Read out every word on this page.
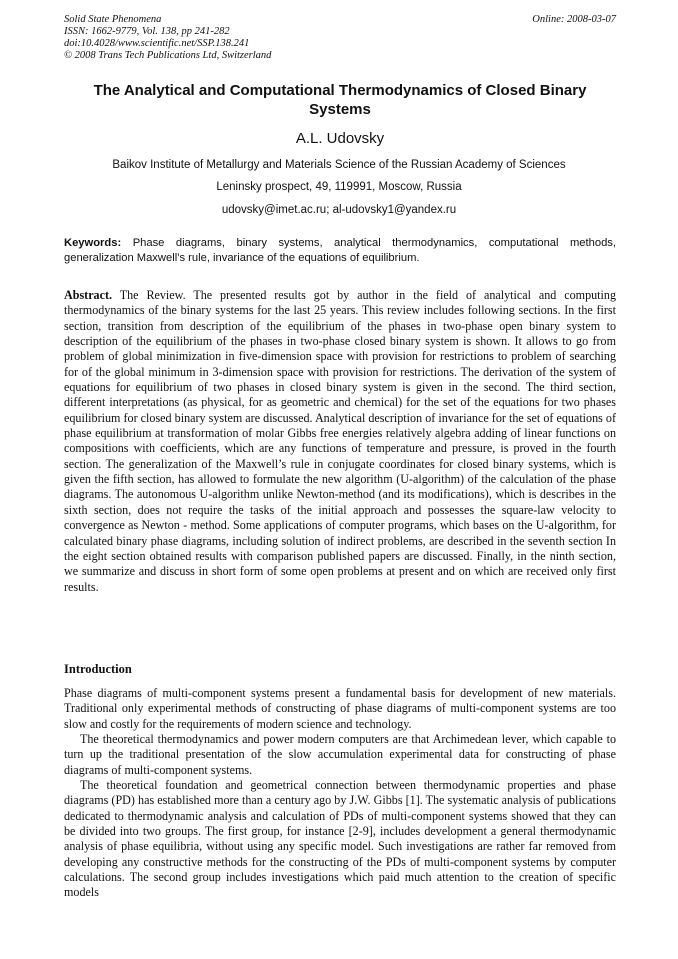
Solid State Phenomena
ISSN: 1662-9779, Vol. 138, pp 241-282
doi:10.4028/www.scientific.net/SSP.138.241
© 2008 Trans Tech Publications Ltd, Switzerland
Online: 2008-03-07
The Analytical and Computational Thermodynamics of Closed Binary Systems
A.L. Udovsky
Baikov Institute of Metallurgy and Materials Science of the Russian Academy of Sciences
Leninsky prospect, 49, 119991, Moscow, Russia
udovsky@imet.ac.ru; al-udovsky1@yandex.ru
Keywords: Phase diagrams, binary systems, analytical thermodynamics, computational methods, generalization Maxwell’s rule, invariance of the equations of equilibrium.
Abstract. The Review. The presented results got by author in the field of analytical and computing thermodynamics of the binary systems for the last 25 years. This review includes following sections. In the first section, transition from description of the equilibrium of the phases in two-phase open binary system to description of the equilibrium of the phases in two-phase closed binary system is shown. It allows to go from problem of global minimization in five-dimension space with provision for restrictions to problem of searching for of the global minimum in 3-dimension space with provision for restrictions. The derivation of the system of equations for equilibrium of two phases in closed binary system is given in the second. The third section, different interpretations (as physical, for as geometric and chemical) for the set of the equations for two phases equilibrium for closed binary system are discussed. Analytical description of invariance for the set of equations of phase equilibrium at transformation of molar Gibbs free energies relatively algebra adding of linear functions on compositions with coefficients, which are any functions of temperature and pressure, is proved in the fourth section. The generalization of the Maxwell’s rule in conjugate coordinates for closed binary systems, which is given the fifth section, has allowed to formulate the new algorithm (U-algorithm) of the calculation of the phase diagrams. The autonomous U-algorithm unlike Newton-method (and its modifications), which is describes in the sixth section, does not require the tasks of the initial approach and possesses the square-law velocity to convergence as Newton - method. Some applications of computer programs, which bases on the U-algorithm, for calculated binary phase diagrams, including solution of indirect problems, are described in the seventh section In the eight section obtained results with comparison published papers are discussed. Finally, in the ninth section, we summarize and discuss in short form of some open problems at present and on which are received only first results.
Introduction

Phase diagrams of multi-component systems present a fundamental basis for development of new materials. Traditional only experimental methods of constructing of phase diagrams of multi-component systems are too slow and costly for the requirements of modern science and technology.

The theoretical thermodynamics and power modern computers are that Archimedean lever, which capable to turn up the traditional presentation of the slow accumulation experimental data for constructing of phase diagrams of multi-component systems.

The theoretical foundation and geometrical connection between thermodynamic properties and phase diagrams (PD) has established more than a century ago by J.W. Gibbs [1]. The systematic analysis of publications dedicated to thermodynamic analysis and calculation of PDs of multi-component systems showed that they can be divided into two groups. The first group, for instance [2-9], includes development a general thermodynamic analysis of phase equilibria, without using any specific model. Such investigations are rather far removed from developing any constructive methods for the constructing of the PDs of multi-component systems by computer calculations. The second group includes investigations which paid much attention to the creation of specific models
